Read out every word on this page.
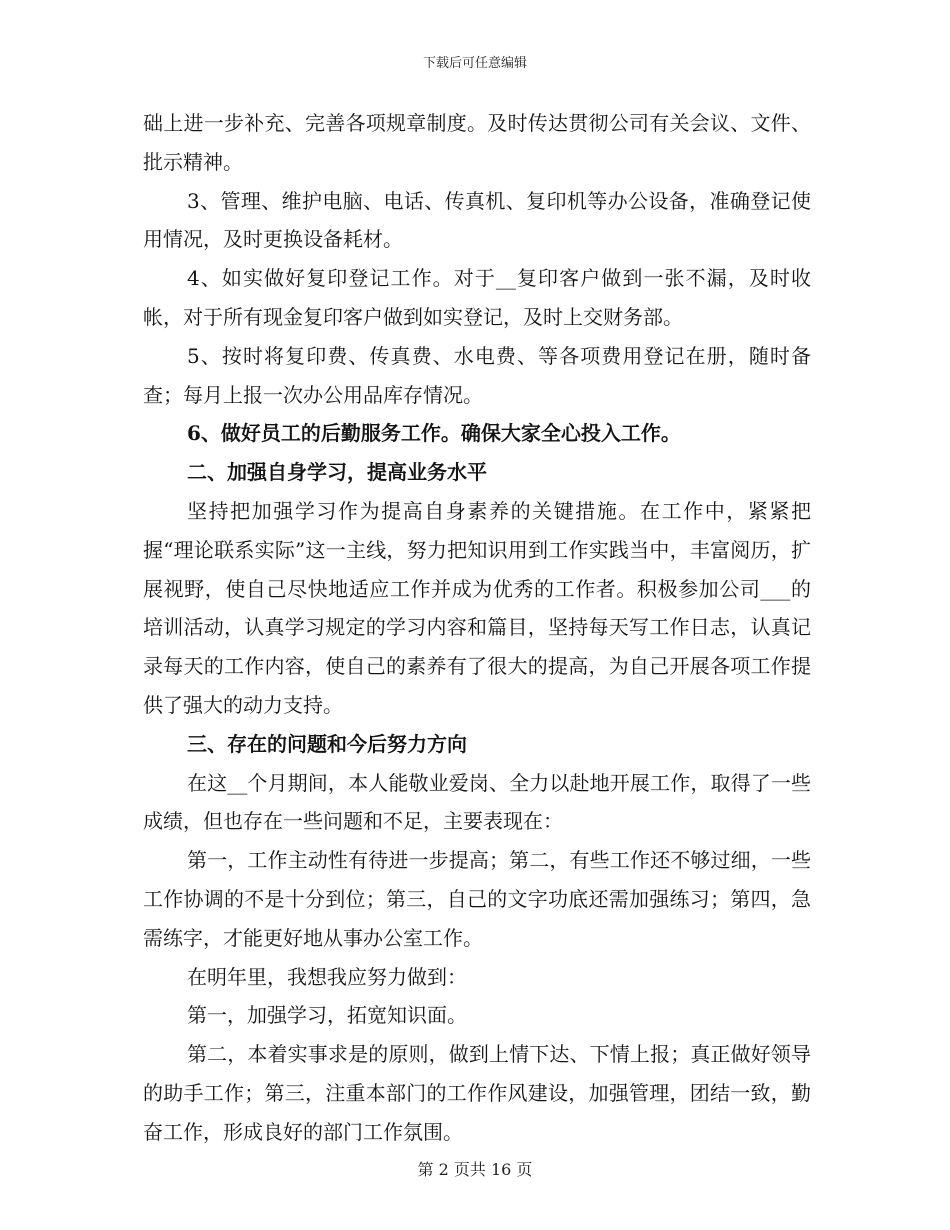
下载后可任意编辑

础上进一步补充、完善各项规章制度。及时传达贯彻公司有关会议、文件、批示精神。

3、管理、维护电脑、电话、传真机、复印机等办公设备，准确登记使用情况，及时更换设备耗材。

4、如实做好复印登记工作。对于__复印客户做到一张不漏，及时收帐，对于所有现金复印客户做到如实登记，及时上交财务部。

5、按时将复印费、传真费、水电费、等各项费用登记在册，随时备查；每月上报一次办公用品库存情况。

6、做好员工的后勤服务工作。确保大家全心投入工作。

二、加强自身学习，提高业务水平

坚持把加强学习作为提高自身素养的关键措施。在工作中，紧紧把握“理论联系实际”这一主线，努力把知识用到工作实践当中，丰富阅历，扩展视野，使自己尽快地适应工作并成为优秀的工作者。积极参加公司___的培训活动，认真学习规定的学习内容和篇目，坚持每天写工作日志，认真记录每天的工作内容，使自己的素养有了很大的提高，为自己开展各项工作提供了强大的动力支持。

三、存在的问题和今后努力方向

在这__个月期间，本人能敬业爱岗、全力以赴地开展工作，取得了一些成绩，但也存在一些问题和不足，主要表现在：

第一，工作主动性有待进一步提高；第二，有些工作还不够过细，一些工作协调的不是十分到位；第三，自己的文字功底还需加强练习；第四，急需练字，才能更好地从事办公室工作。

在明年里，我想我应努力做到：

第一，加强学习，拓宽知识面。

第二，本着实事求是的原则，做到上情下达、下情上报；真正做好领导的助手工作；第三，注重本部门的工作作风建设，加强管理，团结一致，勤奋工作，形成良好的部门工作氛围。

第 2 页共 16 页
